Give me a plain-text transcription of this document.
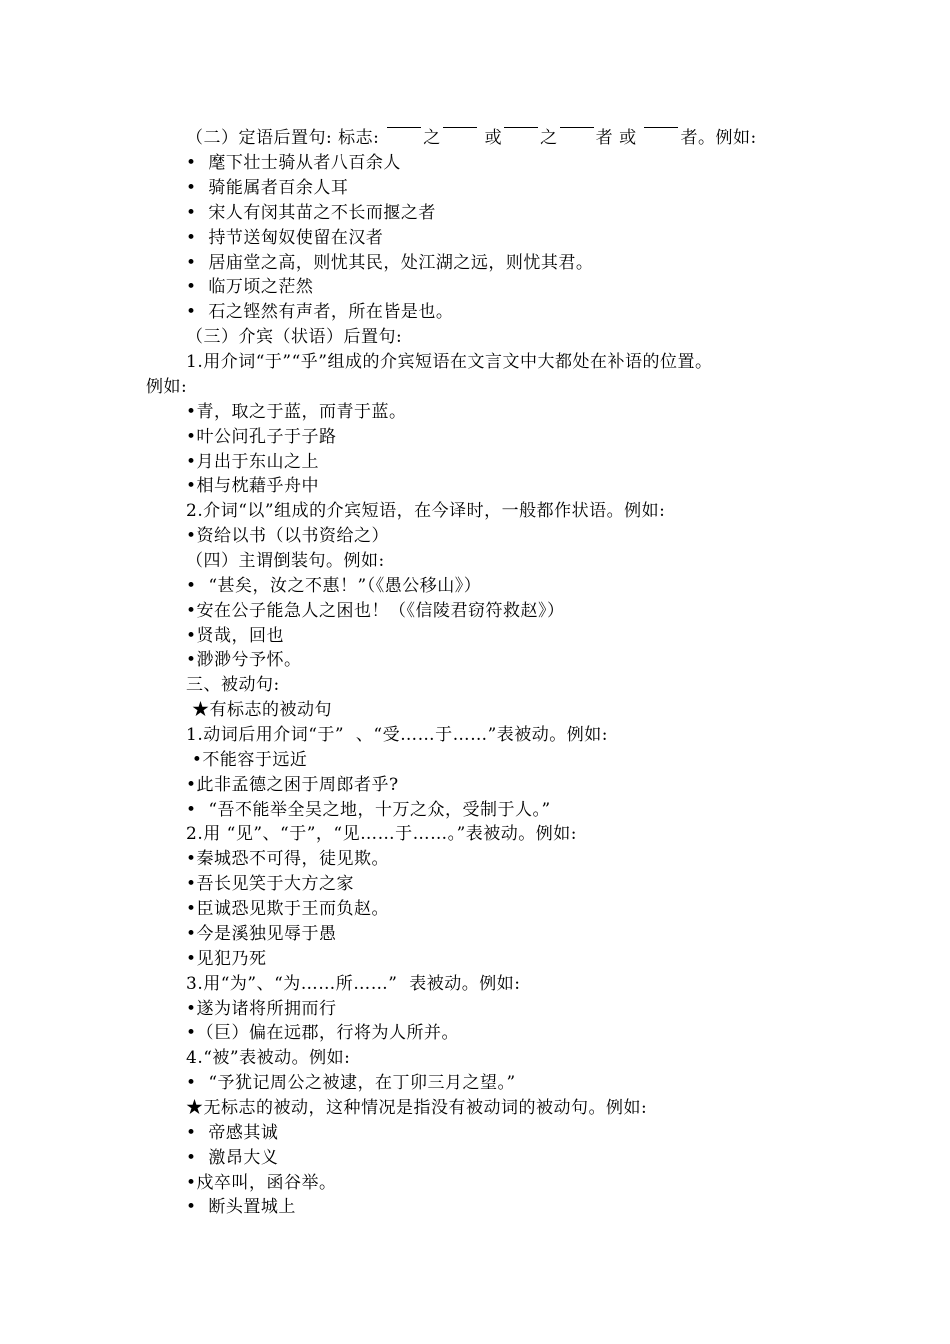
（二）定语后置句: 标志: 之 或 之 者 或 者。例如:
•  麾下壮士骑从者八百余人
•  骑能属者百余人耳
•  宋人有闵其苗之不长而揠之者
•  持节送匈奴使留在汉者
•  居庙堂之高，则忧其民，处江湖之远，则忧其君。
•  临万顷之茫然
•  石之铿然有声者，所在皆是也。
（三）介宾（状语）后置句:
1.用介词“于”“乎”组成的介宾短语在文言文中大都处在补语的位置。
例如:
•青，取之于蓝，而青于蓝。
•叶公问孔子于子路
•月出于东山之上
•相与枕藉乎舟中
2.介词“以”组成的介宾短语，在今译时，一般都作状语。例如:
•资给以书（以书资给之）
（四）主谓倒装句。例如:
•  “甚矣，汝之不惠！”（《愚公移山》）
•安在公子能急人之困也！（《信陵君窃符救赵》）
•贤哉，回也
•渺渺兮予怀。
三、被动句:
★有标志的被动句
1.动词后用介词“于”  、“受……于……”表被动。例如:
•不能容于远近
•此非孟德之困于周郎者乎?
•  “吾不能举全吴之地，十万之众，受制于人。”
2.用 “见”、“于”，“见……于……。”表被动。例如:
•秦城恐不可得，徒见欺。
•吾长见笑于大方之家
•臣诚恐见欺于王而负赵。
•今是溪独见辱于愚
•见犯乃死
3.用“为”、“为……所……”  表被动。例如:
•遂为诸将所拥而行
•（巨）偏在远郡，行将为人所并。
4.“被”表被动。例如:
•  “予犹记周公之被逮，在丁卯三月之望。”
★无标志的被动，这种情况是指没有被动词的被动句。例如:
•  帝感其诚
•  激昂大义
•戍卒叫，函谷举。
•  断头置城上
